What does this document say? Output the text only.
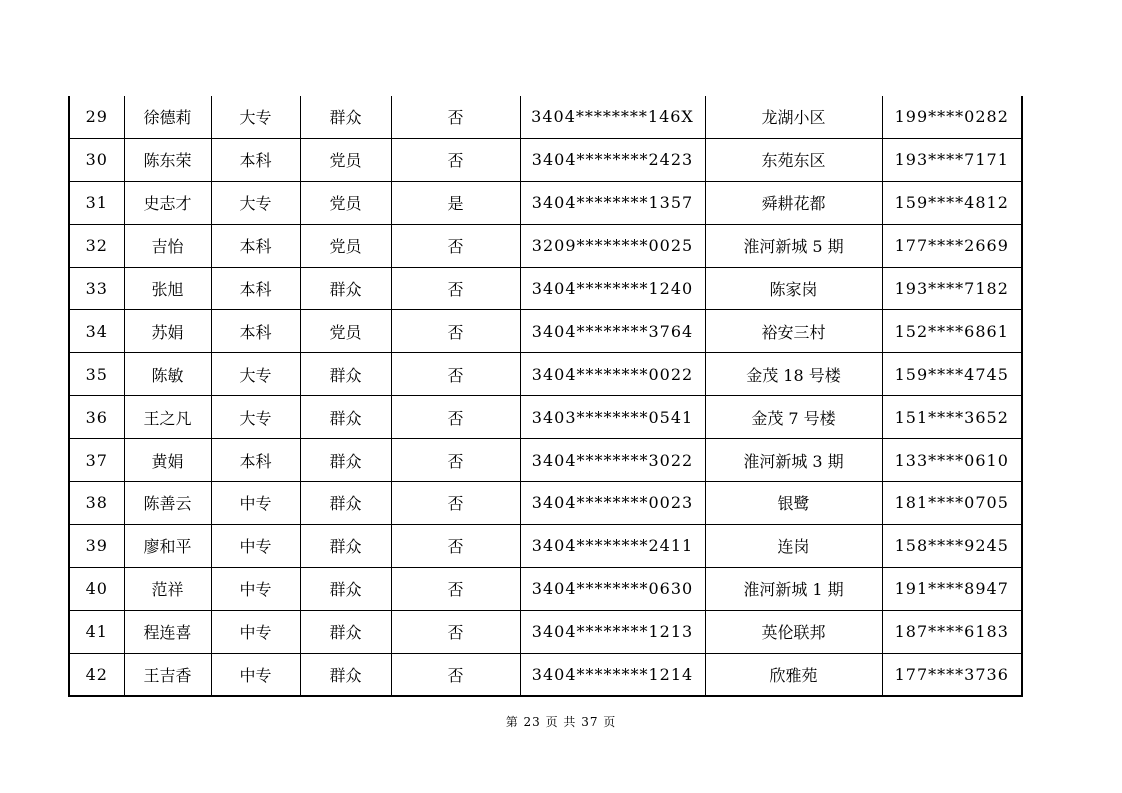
29	徐德莉	大专	群众	否	3404********146X	龙湖小区	199****0282
30	陈东荣	本科	党员	否	3404********2423	东苑东区	193****7171
31	史志才	大专	党员	是	3404********1357	舜耕花都	159****4812
32	吉怡	本科	党员	否	3209********0025	淮河新城 5 期	177****2669
33	张旭	本科	群众	否	3404********1240	陈家岗	193****7182
34	苏娟	本科	党员	否	3404********3764	裕安三村	152****6861
35	陈敏	大专	群众	否	3404********0022	金茂 18 号楼	159****4745
36	王之凡	大专	群众	否	3403********0541	金茂 7 号楼	151****3652
37	黄娟	本科	群众	否	3404********3022	淮河新城 3 期	133****0610
38	陈善云	中专	群众	否	3404********0023	银鹭	181****0705
39	廖和平	中专	群众	否	3404********2411	连岗	158****9245
40	范祥	中专	群众	否	3404********0630	淮河新城 1 期	191****8947
41	程连喜	中专	群众	否	3404********1213	英伦联邦	187****6183
42	王吉香	中专	群众	否	3404********1214	欣雅苑	177****3736
第 23 页 共 37 页
